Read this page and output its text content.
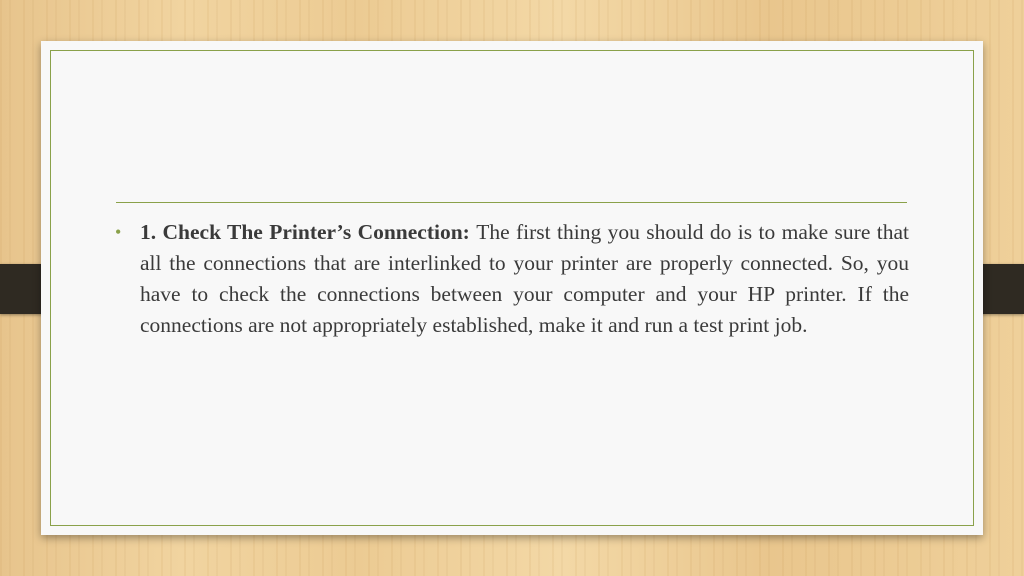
• 1. Check The Printer’s Connection: The first thing you should do is to make sure that all the connections that are interlinked to your printer are properly connected. So, you have to check the connections between your computer and your HP printer. If the connections are not appropriately established, make it and run a test print job.
